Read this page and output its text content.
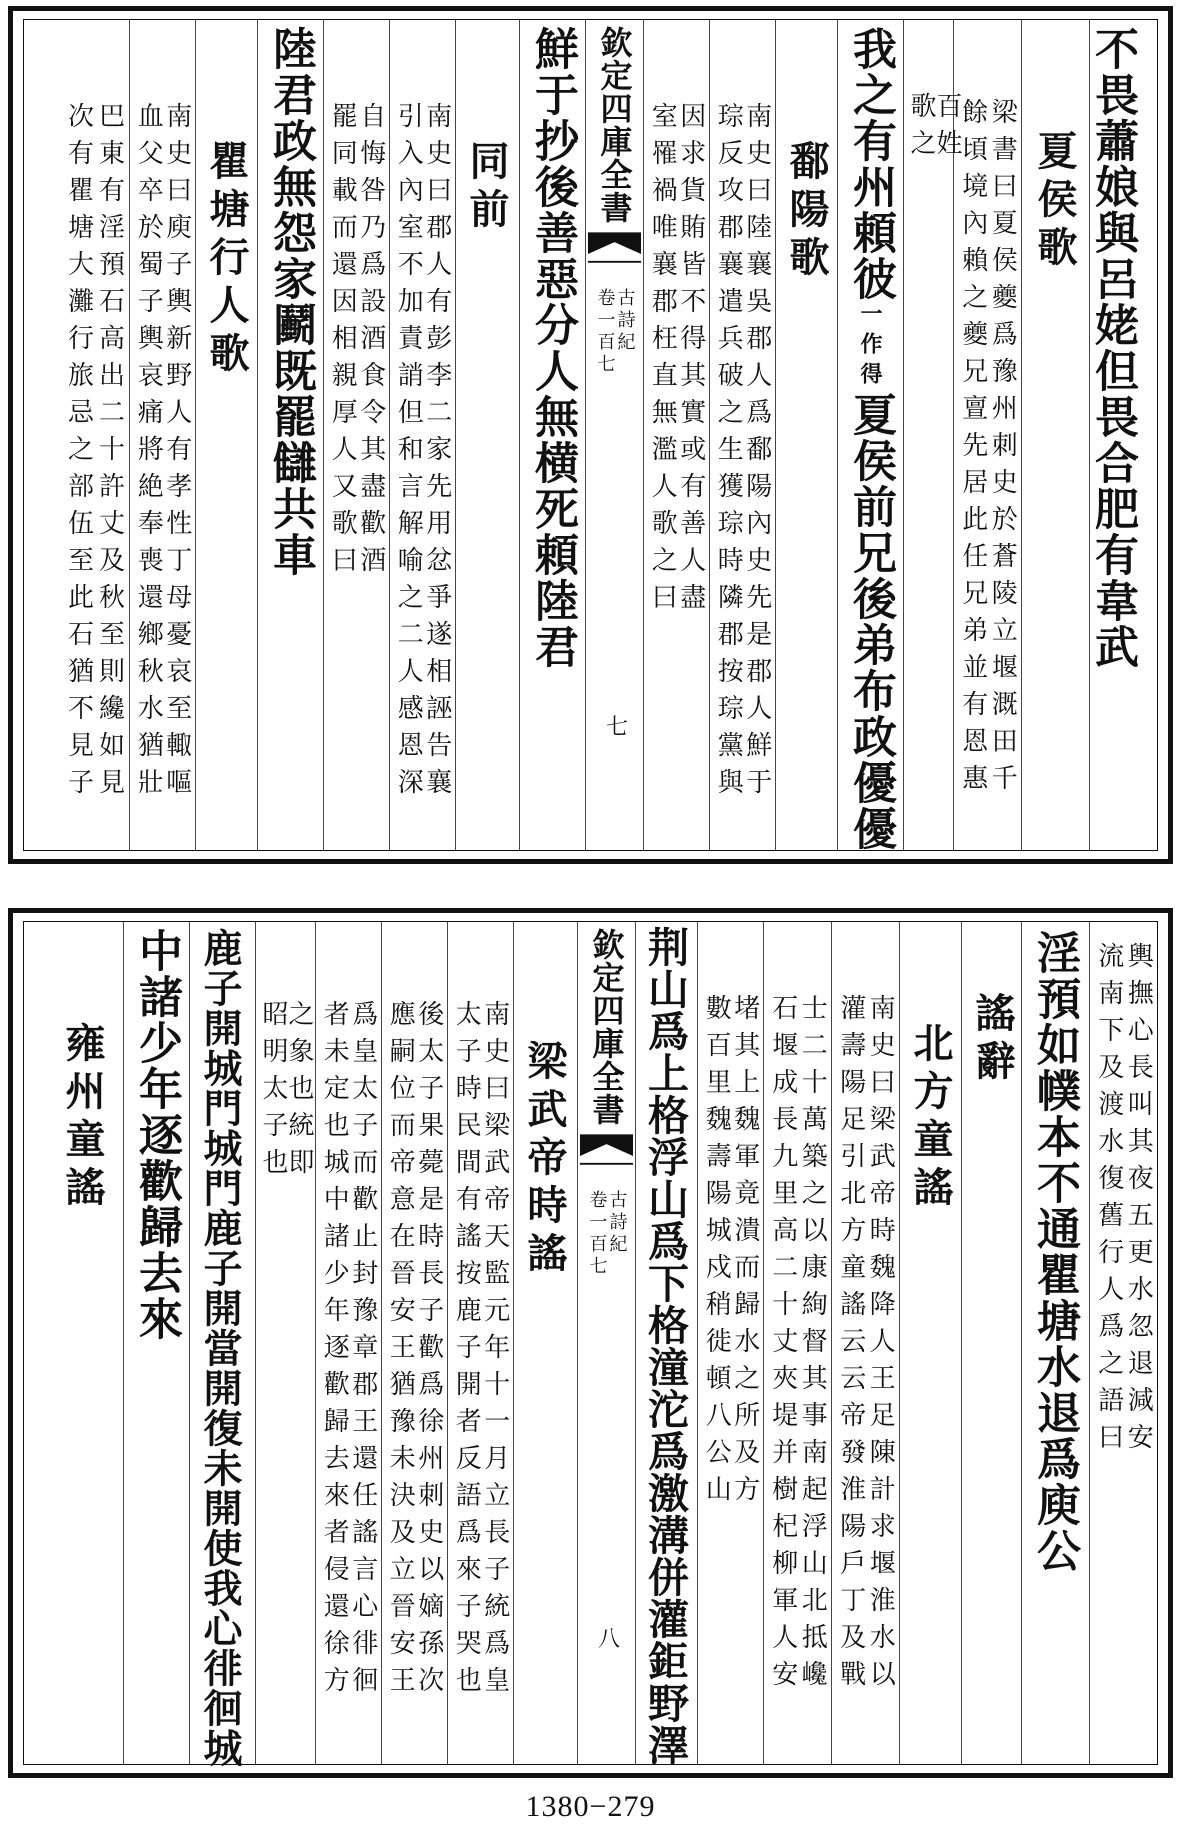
不畏蕭娘與呂姥但畏合肥有韋武
夏侯歌
梁書曰夏侯夔爲豫州刺史於蒼陵立堰溉田千
餘頃境內賴之夔兄亶先居此任兄弟並有恩惠
百姓
歌之
我之有州頼彼一作得夏侯前兄後弟布政優優
鄱陽歌
南史曰陸襄吳郡人爲鄱陽內史先是郡人鮮于
琮反攻郡襄遣兵破之生獲琮時隣郡按琮黨與
因求貨賄皆不得其實或有善人盡
室罹禍唯襄郡枉直無濫人歌之曰
欽定四庫全書
古詩紀
卷一百七
七
鮮于抄後善惡分人無横死頼陸君
同前
南史曰郡人有彭李二家先用忿爭遂相誣告襄
引入內室不加責誚但和言解喻之二人感恩深
自悔咎乃爲設酒食令其盡歡酒
罷同載而還因相親厚人又歌曰
陸君政無怨家鬬既罷讎共車
瞿塘行人歌
南史曰庾子輿新野人有孝性丁母憂哀至輙嘔
血父卒於蜀子輿哀痛將絶奉喪還鄉秋水猶壯
巴東有淫預石高出二十許丈及秋至則纔如見
次有瞿塘大灘行旅忌之部伍至此石猶不見子
輿撫心長叫其夜五更水忽退減安
流南下及渡水復舊行人爲之語曰
淫預如幞本不通瞿塘水退爲庾公
謠辭
北方童謠
南史曰梁武帝時魏降人王足陳計求堰淮水以
灌壽陽足引北方童謠云云帝發淮陽戶丁及戰
士二十萬築之以康絢督其事南起浮山北抵巉
石堰成長九里高二十丈夾堤并樹杞柳軍人安
堵其上魏軍竟潰而歸水之所及方
數百里魏壽陽城戍稍徙頓八公山
荆山爲上格浮山爲下格潼沱爲激溝併灌鉅野澤
欽定四庫全書
古詩紀
卷一百七
八
梁武帝時謠
南史曰梁武帝天監元年十一月立長子統爲皇
太子時民間有謠按鹿子開者反語爲來子哭也
後太子果薨是時長子歡爲徐州刺史以嫡孫次
應嗣位而帝意在晉安王猶豫未決及立晉安王
爲皇太子而歡止封豫章郡王還任謠言心徘徊
者未定也城中諸少年逐歡歸去來者侵還徐方
之象也統即
昭明太子也
鹿子開城門城門鹿子開當開復未開使我心徘徊城
中諸少年逐歡歸去來
雍州童謠
1380−279
